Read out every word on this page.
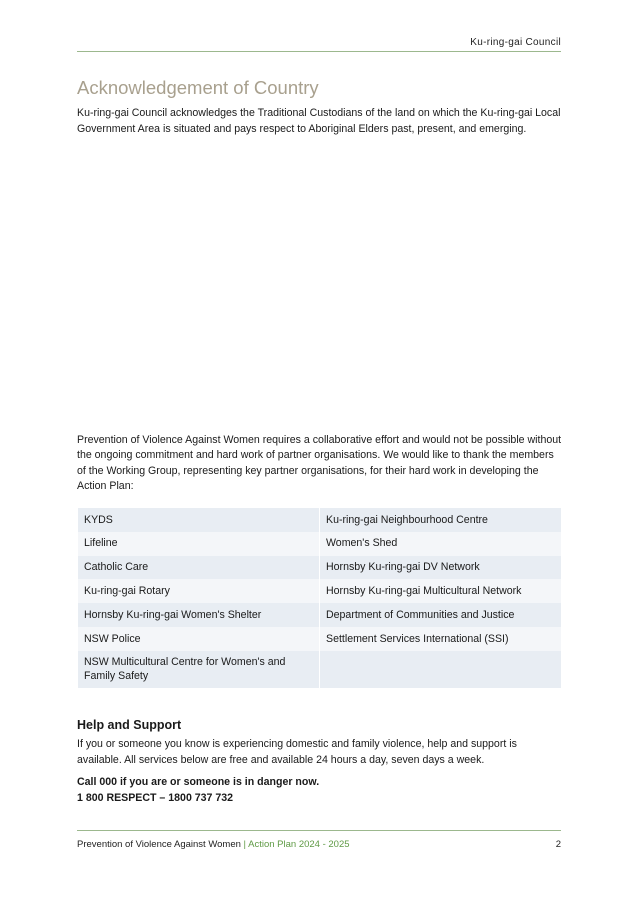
Ku-ring-gai Council
Acknowledgement of Country

Ku-ring-gai Council acknowledges the Traditional Custodians of the land on which the Ku-ring-gai Local Government Area is situated and pays respect to Aboriginal Elders past, present, and emerging.

Prevention of Violence Against Women requires a collaborative effort and would not be possible without the ongoing commitment and hard work of partner organisations. We would like to thank the members of the Working Group, representing key partner organisations, for their hard work in developing the Action Plan:

KYDS	Ku-ring-gai Neighbourhood Centre
Lifeline	Women's Shed
Catholic Care	Hornsby Ku-ring-gai DV Network
Ku-ring-gai Rotary	Hornsby Ku-ring-gai Multicultural Network
Hornsby Ku-ring-gai Women's Shelter	Department of Communities and Justice
NSW Police	Settlement Services International (SSI)
NSW Multicultural Centre for Women's and Family Safety	
Help and Support

If you or someone you know is experiencing domestic and family violence, help and support is available. All services below are free and available 24 hours a day, seven days a week.

Call 000 if you are or someone is in danger now.
1 800 RESPECT – 1800 737 732

Prevention of Violence Against Women | Action Plan 2024 - 2025	2
